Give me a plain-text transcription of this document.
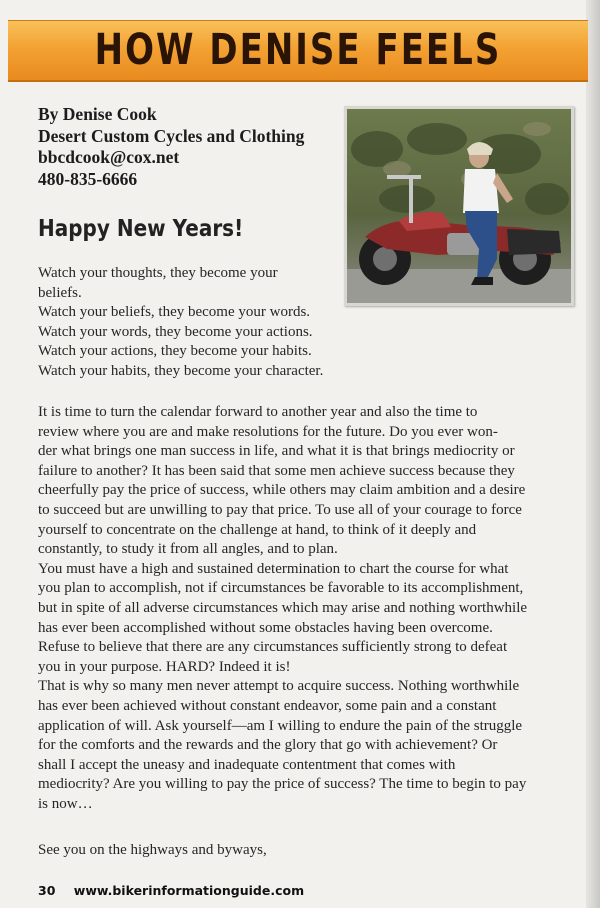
HOW DENISE FEELS
By Denise Cook
Desert Custom Cycles and Clothing
bbcdcook@cox.net
480-835-6666
Happy New Years!
Watch your thoughts, they become your
beliefs.
Watch your beliefs, they become your words.
Watch your words, they become your actions.
Watch your actions, they become your habits.
Watch your habits, they become your character.

It is time to turn the calendar forward to another year and also the time to

review where you are and make resolutions for the future. Do you ever won-

der what brings one man success in life, and what it is that brings mediocrity or

failure to another? It has been said that some men achieve success because they

cheerfully pay the price of success, while others may claim ambition and a desire

to succeed but are unwilling to pay that price. To use all of your courage to force

yourself to concentrate on the challenge at hand, to think of it deeply and

constantly, to study it from all angles, and to plan.

You must have a high and sustained determination to chart the course for what

you plan to accomplish, not if circumstances be favorable to its accomplishment,

but in spite of all adverse circumstances which may arise and nothing worthwhile

has ever been accomplished without some obstacles having been overcome.

Refuse to believe that there are any circumstances sufficiently strong to defeat

you in your purpose. HARD? Indeed it is!

That is why so many men never attempt to acquire success. Nothing worthwhile

has ever been achieved without constant endeavor, some pain and a constant

application of will. Ask yourself—am I willing to endure the pain of the struggle

for the comforts and the rewards and the glory that go with achievement? Or

shall I accept the uneasy and inadequate contentment that comes with

mediocrity? Are you willing to pay the price of success? The time to begin to pay

is now…

See you on the highways and byways,
30 www.bikerinformationguide.com
